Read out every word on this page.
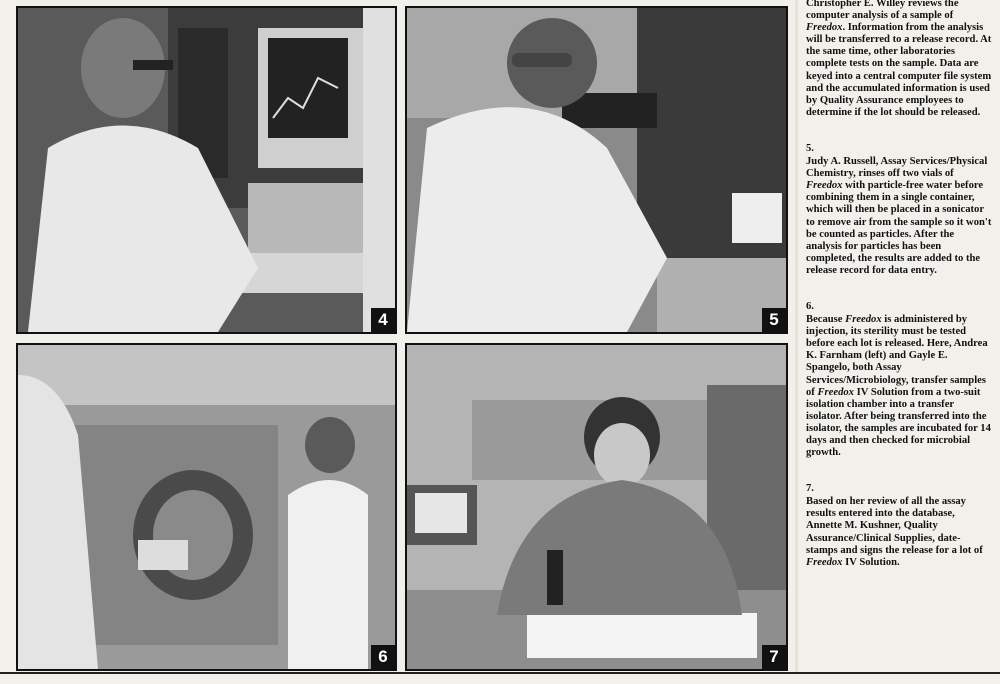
4	5
6	7

Christopher E. Willey reviews the computer analysis of a sample of Freedox. Information from the analysis will be transferred to a release record. At the same time, other laboratories complete tests on the sample. Data are keyed into a central computer file system and the accumulated information is used by Quality Assurance employees to determine if the lot should be released.

5.

Judy A. Russell, Assay Services/Physical Chemistry, rinses off two vials of Freedox with particle-free water before combining them in a single container, which will then be placed in a sonicator to remove air from the sample so it won't be counted as particles. After the analysis for particles has been completed, the results are added to the release record for data entry.

6.

Because Freedox is administered by injection, its sterility must be tested before each lot is released. Here, Andrea K. Farnham (left) and Gayle E. Spangelo, both Assay Services/Microbiology, transfer samples of Freedox IV Solution from a two-suit isolation chamber into a transfer isolator. After being transferred into the isolator, the samples are incubated for 14 days and then checked for microbial growth.

7.

Based on her review of all the assay results entered into the database, Annette M. Kushner, Quality Assurance/Clinical Supplies, date-stamps and signs the release for a lot of Freedox IV Solution.
